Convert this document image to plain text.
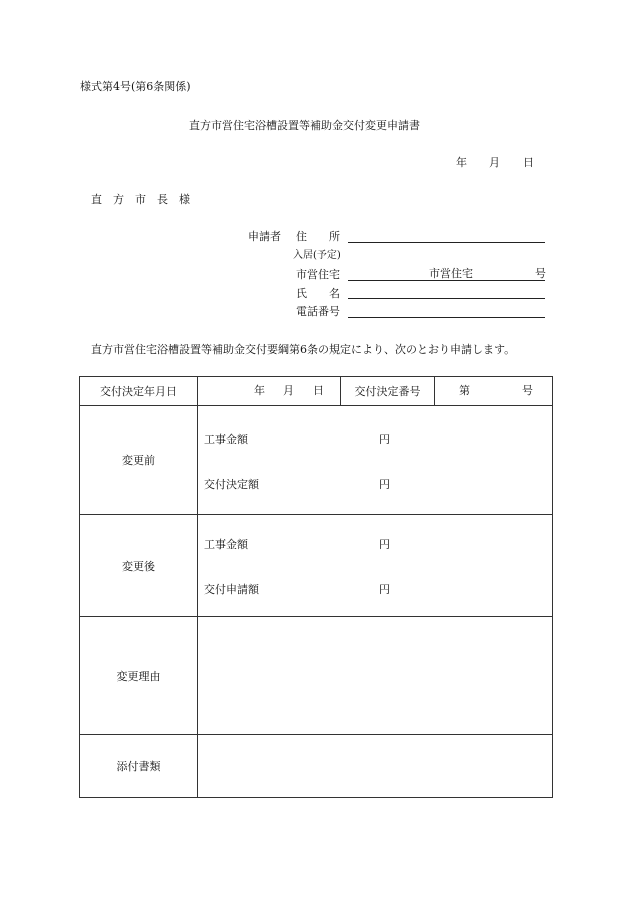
様式第4号(第6条関係)
直方市営住宅浴槽設置等補助金交付変更申請書
年 月 日
直　方　市　長　様
申請者 住　　所
入居(予定)
市営住宅	市営住宅	号
氏　　名
電話番号
直方市営住宅浴槽設置等補助金交付要綱第6条の規定により、次のとおり申請します。
交付決定年月日	年 月 日	交付決定番号	第 号

変更前	工事金額 円
交付決定額 円		

変更後	工事金額 円
交付申請額 円		

変更理由			
添付書類			
